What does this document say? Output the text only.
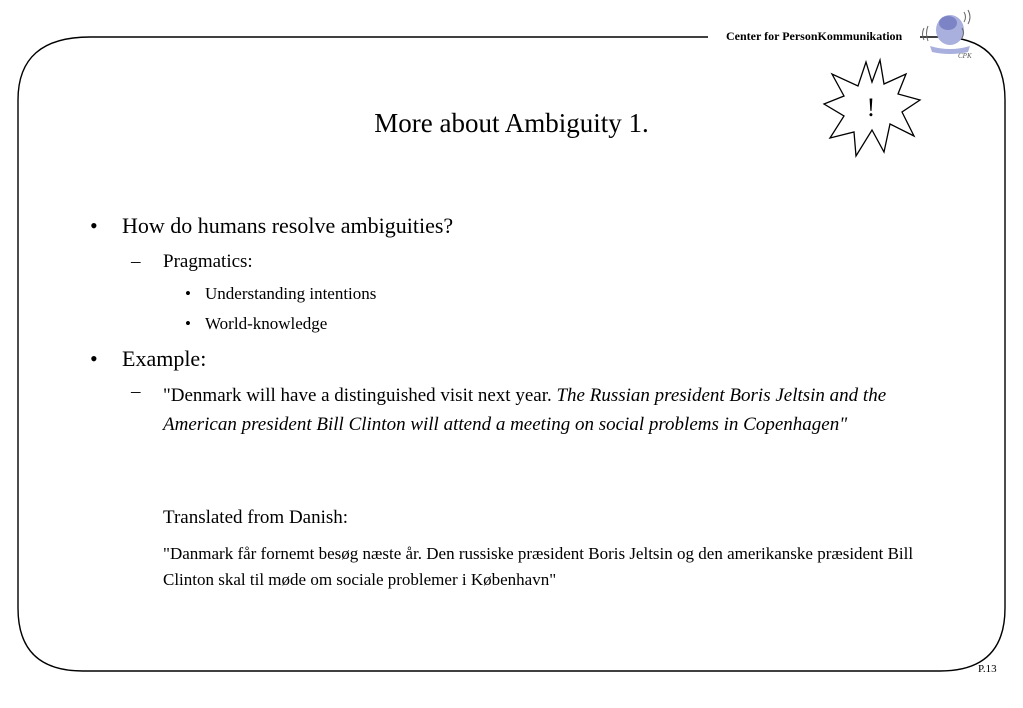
Center for PersonKommunikation
CPK
!
More about Ambiguity 1.
• How do humans resolve ambiguities?
– Pragmatics:
• Understanding intentions
• World-knowledge
• Example:
– "Denmark will have a distinguished visit next year. The Russian president Boris Jeltsin and the American president Bill Clinton will attend a meeting on social problems in Copenhagen"
Translated from Danish:
"Danmark får fornemt besøg næste år. Den russiske præsident Boris Jeltsin og den amerikanske præsident Bill Clinton skal til møde om sociale problemer i København"
P.13
